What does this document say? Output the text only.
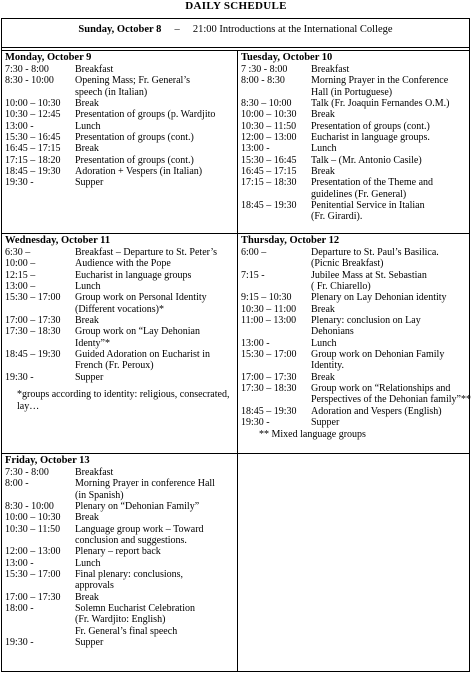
DAILY SCHEDULE
Sunday, October 8 – 21:00 Introductions at the International College
Monday, October 9
7:30 - 8:00	Breakfast
8:30 - 10:00	Opening Mass; Fr. General’s
speech (in Italian)
10:00 – 10:30	Break
10:30 – 12:45	Presentation of groups (p. Wardjito
13:00 -	Lunch
15:30 – 16:45	Presentation of groups (cont.)
16:45 – 17:15	Break
17:15 – 18:20	Presentation of groups (cont.)
18:45 – 19:30	Adoration + Vespers (in Italian)
19:30 -	Supper
Tuesday, October 10
7 :30 - 8:00	Breakfast
8:00 - 8:30	Morning Prayer in the Conference
Hall (in Portuguese)
8:30 – 10:00	Talk (Fr. Joaquin Fernandes O.M.)
10:00 – 10:30	Break
10:30 – 11:50	Presentation of groups (cont.)
12:00 – 13:00	Eucharist in language groups.
13:00 -	Lunch
15:30 – 16:45	Talk – (Mr. Antonio Casile)
16:45 – 17:15	Break
17:15 – 18:30	Presentation of the Theme and
guidelines (Fr. General)
18:45 – 19:30	Penitential Service in Italian
(Fr. Girardi).
Wednesday, October 11
6:30 –	Breakfast – Departure to St. Peter’s
10:00 –	Audience with the Pope
12:15 –	Eucharist in language groups
13:00 –	Lunch
15:30 – 17:00	Group work on Personal Identity
(Different vocations)*
17:00 – 17:30	Break
17:30 – 18:30	Group work on “Lay Dehonian
Identy”*
18:45 – 19:30	Guided Adoration on Eucharist in
French (Fr. Peroux)
19:30 -	Supper
*groups according to identity: religious, consecrated, lay…
Thursday, October 12
6:00 –	Departure to St. Paul’s Basilica.
(Picnic Breakfast)
7:15 -	Jubilee Mass at St. Sebastian
( Fr. Chiarello)
9:15 – 10:30	Plenary on Lay Dehonian identity
10:30 – 11:00	Break
11:00 – 13:00	Plenary: conclusion on Lay
Dehonians
13:00 -	Lunch
15:30 – 17:00	Group work on Dehonian Family
Identity.
17:00 – 17:30	Break
17:30 – 18:30	Group work on “Relationships and
Perspectives of the Dehonian family”**
18:45 – 19:30	Adoration and Vespers (English)
19:30 -	Supper
** Mixed language groups
Friday, October 13
7:30 - 8:00	Breakfast
8:00 -	Morning Prayer in conference Hall
(in Spanish)
8:30 - 10:00	Plenary on “Dehonian Family”
10:00 – 10:30	Break
10:30 – 11:50	Language group work – Toward
conclusion and suggestions.
12:00 – 13:00	Plenary – report back
13:00 -	Lunch
15:30 – 17:00	Final plenary: conclusions,
approvals
17:00 – 17:30	Break
18:00 -	Solemn Eucharist Celebration
(Fr. Wardjito: English)
Fr. General’s final speech
19:30 -	Supper
